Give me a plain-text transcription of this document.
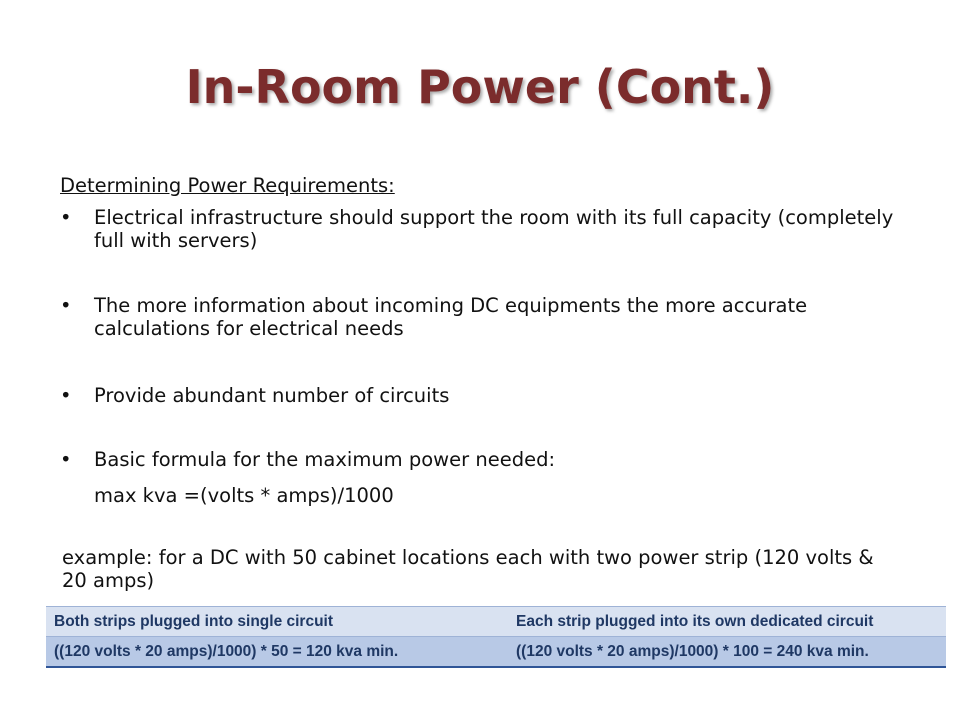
In-Room Power (Cont.)
Determining Power Requirements:
•	Electrical infrastructure should support the room with its full capacity (completely full with servers)
•	The more information about incoming DC equipments the more accurate calculations for electrical needs
•	Provide abundant number of circuits
•	Basic formula for the maximum power needed:
max kva =(volts * amps)/1000
example: for a DC with 50 cabinet locations each with two power strip (120 volts & 20 amps)
Both strips plugged into single circuit	Each strip plugged into its own dedicated circuit
((120 volts * 20 amps)/1000) * 50 = 120 kva min.	((120 volts * 20 amps)/1000) * 100 = 240 kva min.
